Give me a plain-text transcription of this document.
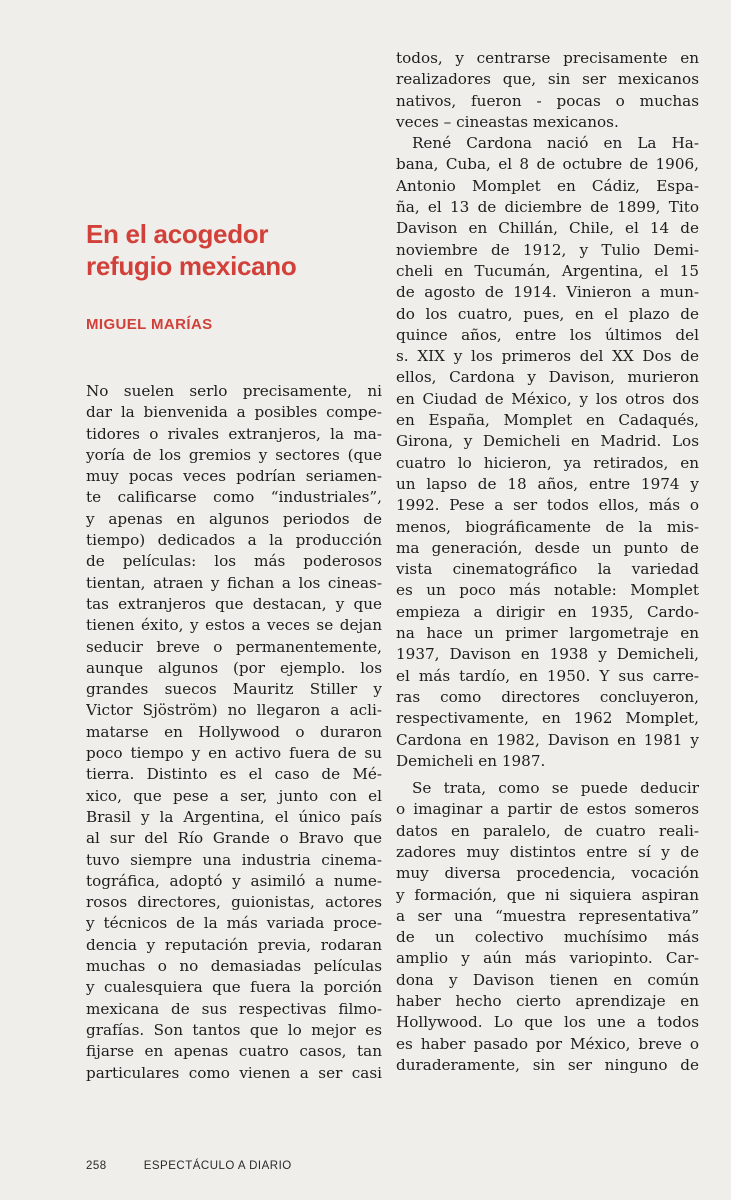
En el acogedor
refugio mexicano

MIGUEL MARÍAS

No suelen serlo precisamente, ni
dar la bienvenida a posibles compe-
tidores o rivales extranjeros, la ma-
yoría de los gremios y sectores (que
muy pocas veces podrían seriamen-
te calificarse como “industriales”,
y apenas en algunos periodos de
tiempo) dedicados a la producción
de películas: los más poderosos
tientan, atraen y fichan a los cineas-
tas extranjeros que destacan, y que
tienen éxito, y estos a veces se dejan
seducir breve o permanentemente,
aunque algunos (por ejemplo. los
grandes suecos Mauritz Stiller y
Victor Sjöström) no llegaron a acli-
matarse en Hollywood o duraron
poco tiempo y en activo fuera de su
tierra. Distinto es el caso de Mé-
xico, que pese a ser, junto con el
Brasil y la Argentina, el único país
al sur del Río Grande o Bravo que
tuvo siempre una industria cinema-
tográfica, adoptó y asimiló a nume-
rosos directores, guionistas, actores
y técnicos de la más variada proce-
dencia y reputación previa, rodaran
muchas o no demasiadas películas
y cualesquiera que fuera la porción
mexicana de sus respectivas filmo-
grafías. Son tantos que lo mejor es
fijarse en apenas cuatro casos, tan
particulares como vienen a ser casi
todos, y centrarse precisamente en
realizadores que, sin ser mexicanos
nativos, fueron - pocas o muchas
veces – cineastas mexicanos.
René Cardona nació en La Ha-
bana, Cuba, el 8 de octubre de 1906,
Antonio Momplet en Cádiz, Espa-
ña, el 13 de diciembre de 1899, Tito
Davison en Chillán, Chile, el 14 de
noviembre de 1912, y Tulio Demi-
cheli en Tucumán, Argentina, el 15
de agosto de 1914. Vinieron a mun-
do los cuatro, pues, en el plazo de
quince años, entre los últimos del
s. XIX y los primeros del XX Dos de
ellos, Cardona y Davison, murieron
en Ciudad de México, y los otros dos
en España, Momplet en Cadaqués,
Girona, y Demicheli en Madrid. Los
cuatro lo hicieron, ya retirados, en
un lapso de 18 años, entre 1974 y
1992. Pese a ser todos ellos, más o
menos, biográficamente de la mis-
ma generación, desde un punto de
vista cinematográfico la variedad
es un poco más notable: Momplet
empieza a dirigir en 1935, Cardo-
na hace un primer largometraje en
1937, Davison en 1938 y Demicheli,
el más tardío, en 1950. Y sus carre-
ras como directores concluyeron,
respectivamente, en 1962 Momplet,
Cardona en 1982, Davison en 1981 y
Demicheli en 1987.
Se trata, como se puede deducir
o imaginar a partir de estos someros
datos en paralelo, de cuatro reali-
zadores muy distintos entre sí y de
muy diversa procedencia, vocación
y formación, que ni siquiera aspiran
a ser una “muestra representativa”
de un colectivo muchísimo más
amplio y aún más variopinto. Car-
dona y Davison tienen en común
haber hecho cierto aprendizaje en
Hollywood. Lo que los une a todos
es haber pasado por México, breve o
duraderamente, sin ser ninguno de
258	ESPECTÁCULO A DIARIO
